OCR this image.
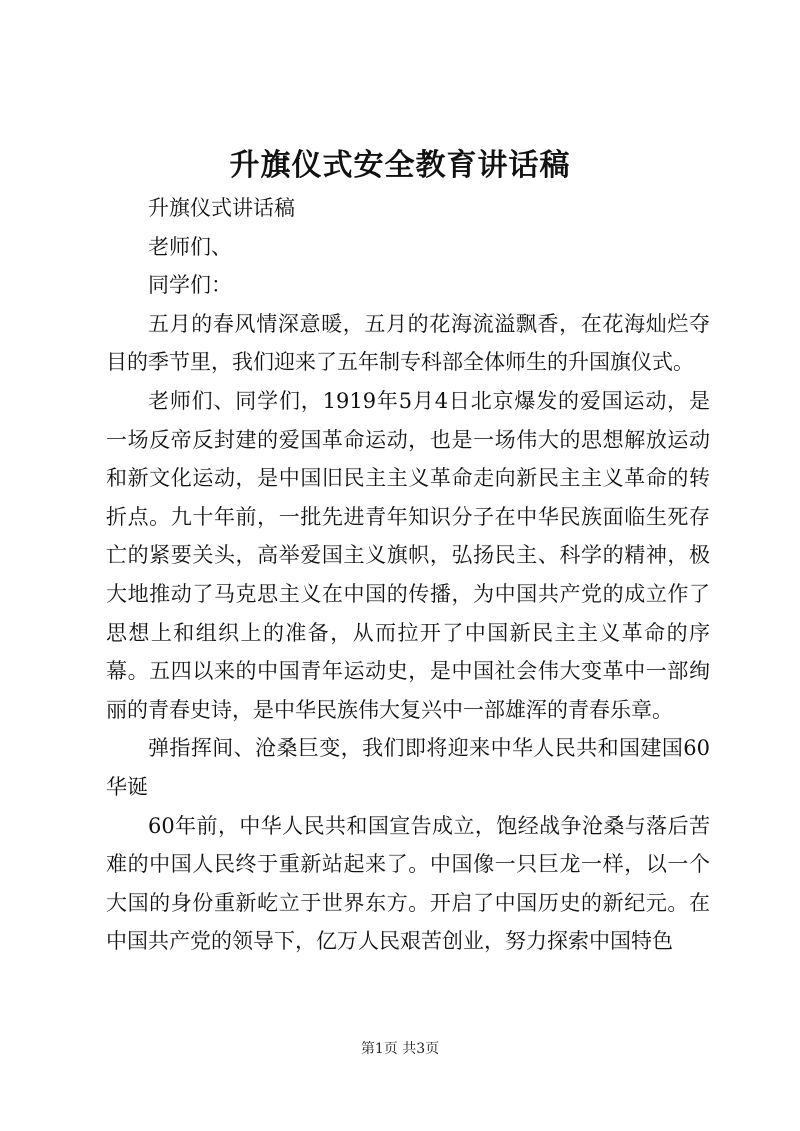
升旗仪式安全教育讲话稿

升旗仪式讲话稿

老师们、

同学们：

五月的春风情深意暖，五月的花海流溢飘香，在花海灿烂夺目的季节里，我们迎来了五年制专科部全体师生的升国旗仪式。

老师们、同学们，1919年5月4日北京爆发的爱国运动，是一场反帝反封建的爱国革命运动，也是一场伟大的思想解放运动和新文化运动，是中国旧民主主义革命走向新民主主义革命的转折点。九十年前，一批先进青年知识分子在中华民族面临生死存亡的紧要关头，高举爱国主义旗帜，弘扬民主、科学的精神，极大地推动了马克思主义在中国的传播，为中国共产党的成立作了思想上和组织上的准备，从而拉开了中国新民主主义革命的序幕。五四以来的中国青年运动史，是中国社会伟大变革中一部绚丽的青春史诗，是中华民族伟大复兴中一部雄浑的青春乐章。

弹指挥间、沧桑巨变，我们即将迎来中华人民共和国建国60华诞

60年前，中华人民共和国宣告成立，饱经战争沧桑与落后苦难的中国人民终于重新站起来了。中国像一只巨龙一样，以一个大国的身份重新屹立于世界东方。开启了中国历史的新纪元。在中国共产党的领导下，亿万人民艰苦创业，努力探索中国特色

第1页 共3页
